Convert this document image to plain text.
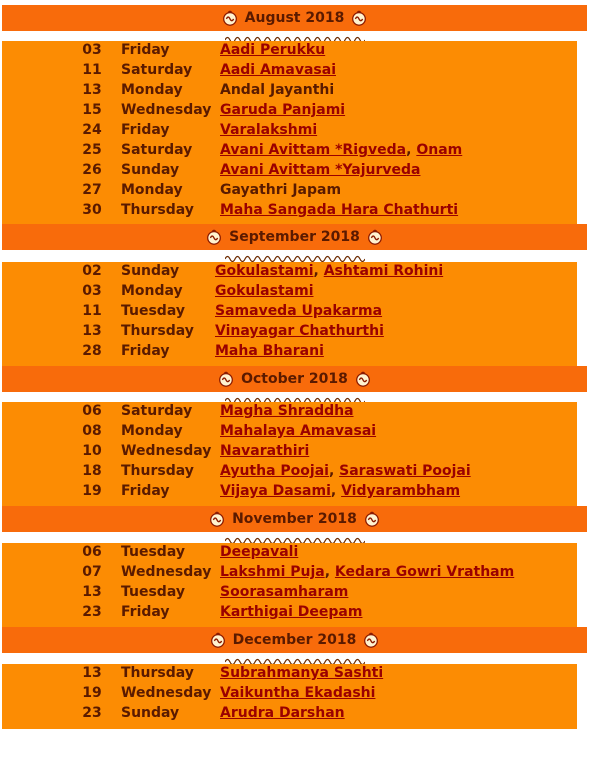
August 2018
03 Friday	Aadi Perukku
11 Saturday Aadi Amavasai
13 Monday	Andal Jayanthi
15 Wednesday Garuda Panjami
24 Friday	Varalakshmi
25 Saturday Avani Avittam *Rigveda, Onam
26 Sunday	Avani Avittam *Yajurveda
27 Monday	Gayathri Japam
30 Thursday Maha Sangada Hara Chathurti
September 2018
02 Sunday	Gokulastami, Ashtami Rohini
03 Monday Gokulastami
11 Tuesday Samaveda Upakarma
13 Thursday Vinayagar Chathurthi
28 Friday	Maha Bharani
October 2018
06 Saturday Magha Shraddha
08 Monday	Mahalaya Amavasai
10 Wednesday Navarathiri
18 Thursday Ayutha Poojai, Saraswati Poojai
19 Friday	Vijaya Dasami, Vidyarambham
November 2018
06 Tuesday	Deepavali
07 Wednesday Lakshmi Puja, Kedara Gowri Vratham
13 Tuesday	Soorasamharam
23 Friday	Karthigai Deepam
December 2018
13 Thursday Subrahmanya Sashti
19 Wednesday Vaikuntha Ekadashi
23 Sunday	Arudra Darshan
